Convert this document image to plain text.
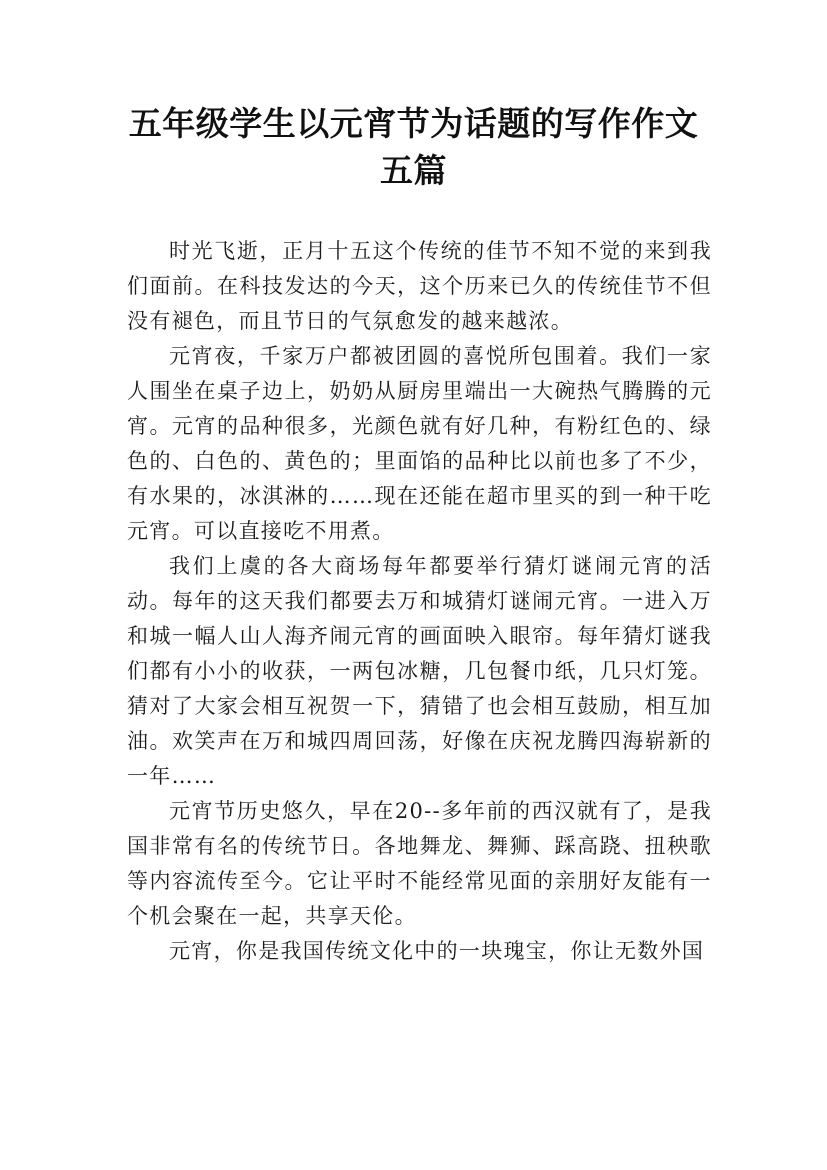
五年级学生以元宵节为话题的写作作文五篇

时光飞逝，正月十五这个传统的佳节不知不觉的来到我们面前。在科技发达的今天，这个历来已久的传统佳节不但没有褪色，而且节日的气氛愈发的越来越浓。

元宵夜，千家万户都被团圆的喜悦所包围着。我们一家人围坐在桌子边上，奶奶从厨房里端出一大碗热气腾腾的元宵。元宵的品种很多，光颜色就有好几种，有粉红色的、绿色的、白色的、黄色的；里面馅的品种比以前也多了不少，有水果的，冰淇淋的……现在还能在超市里买的到一种干吃元宵。可以直接吃不用煮。

我们上虞的各大商场每年都要举行猜灯谜闹元宵的活动。每年的这天我们都要去万和城猜灯谜闹元宵。一进入万和城一幅人山人海齐闹元宵的画面映入眼帘。每年猜灯谜我们都有小小的收获，一两包冰糖，几包餐巾纸，几只灯笼。猜对了大家会相互祝贺一下，猜错了也会相互鼓励，相互加油。欢笑声在万和城四周回荡，好像在庆祝龙腾四海崭新的一年……

元宵节历史悠久，早在20--多年前的西汉就有了，是我国非常有名的传统节日。各地舞龙、舞狮、踩高跷、扭秧歌等内容流传至今。它让平时不能经常见面的亲朋好友能有一个机会聚在一起，共享天伦。

元宵，你是我国传统文化中的一块瑰宝，你让无数外国
